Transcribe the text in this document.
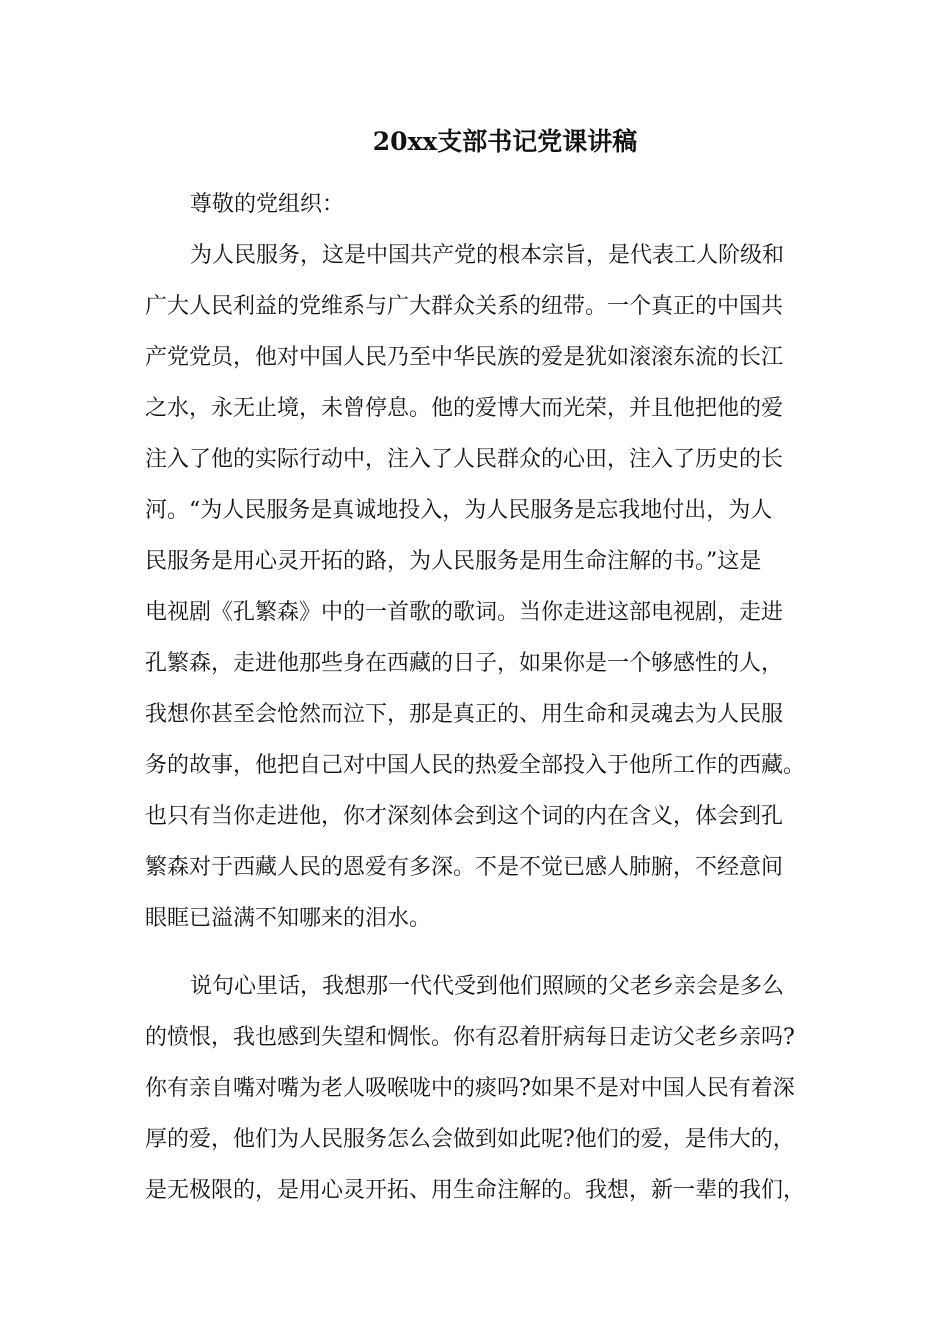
20xx支部书记党课讲稿
尊敬的党组织：
为人民服务，这是中国共产党的根本宗旨，是代表工人阶级和
广大人民利益的党维系与广大群众关系的纽带。一个真正的中国共
产党党员，他对中国人民乃至中华民族的爱是犹如滚滚东流的长江
之水，永无止境，未曾停息。他的爱博大而光荣，并且他把他的爱
注入了他的实际行动中，注入了人民群众的心田，注入了历史的长
河。“为人民服务是真诚地投入，为人民服务是忘我地付出，为人
民服务是用心灵开拓的路，为人民服务是用生命注解的书。”这是
电视剧《孔繁森》中的一首歌的歌词。当你走进这部电视剧，走进
孔繁森，走进他那些身在西藏的日子，如果你是一个够感性的人，
我想你甚至会怆然而泣下，那是真正的、用生命和灵魂去为人民服
务的故事，他把自己对中国人民的热爱全部投入于他所工作的西藏。
也只有当你走进他，你才深刻体会到这个词的内在含义，体会到孔
繁森对于西藏人民的恩爱有多深。不是不觉已感人肺腑，不经意间
眼眶已溢满不知哪来的泪水。
说句心里话，我想那一代代受到他们照顾的父老乡亲会是多么
的愤恨，我也感到失望和惆怅。你有忍着肝病每日走访父老乡亲吗?
你有亲自嘴对嘴为老人吸喉咙中的痰吗?如果不是对中国人民有着深
厚的爱，他们为人民服务怎么会做到如此呢?他们的爱，是伟大的，
是无极限的，是用心灵开拓、用生命注解的。我想，新一辈的我们，
